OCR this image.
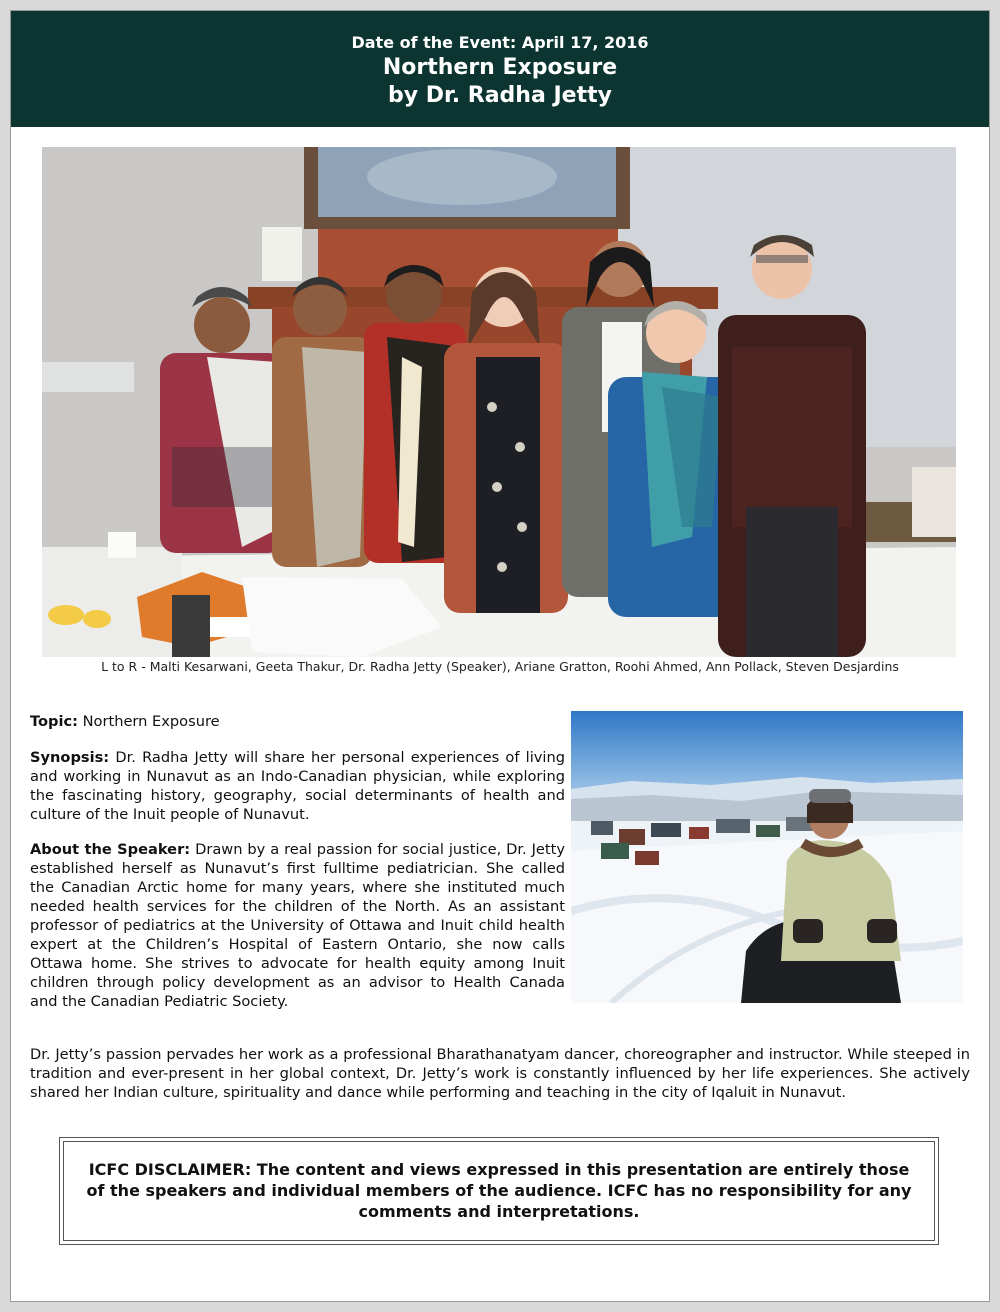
Date of the Event: April 17, 2016
Northern Exposure
by Dr. Radha Jetty
L to R - Malti Kesarwani, Geeta Thakur, Dr. Radha Jetty (Speaker), Ariane Gratton, Roohi Ahmed, Ann Pollack, Steven Desjardins
Topic: Northern Exposure
Synopsis: Dr. Radha Jetty will share her personal experiences of living and working in Nunavut as an Indo-Canadian physician, while exploring the fascinating history, geography, social determinants of health and culture of the Inuit people of Nunavut.
About the Speaker: Drawn by a real passion for social justice, Dr. Jetty established herself as Nunavut’s first fulltime pediatrician. She called the Canadian Arctic home for many years, where she instituted much needed health services for the children of the North. As an assistant professor of pediatrics at the University of Ottawa and Inuit child health expert at the Children’s Hospital of Eastern Ontario, she now calls Ottawa home. She strives to advocate for health equity among Inuit children through policy development as an advisor to Health Canada and the Canadian Pediatric Society.
Dr. Jetty’s passion pervades her work as a professional Bharathanatyam dancer, choreographer and instructor. While steeped in tradition and ever-present in her global context, Dr. Jetty’s work is constantly influenced by her life experiences. She actively shared her Indian culture, spirituality and dance while performing and teaching in the city of Iqaluit in Nunavut.
ICFC DISCLAIMER: The content and views expressed in this presentation are entirely those of the speakers and individual members of the audience. ICFC has no responsibility for any comments and interpretations.
